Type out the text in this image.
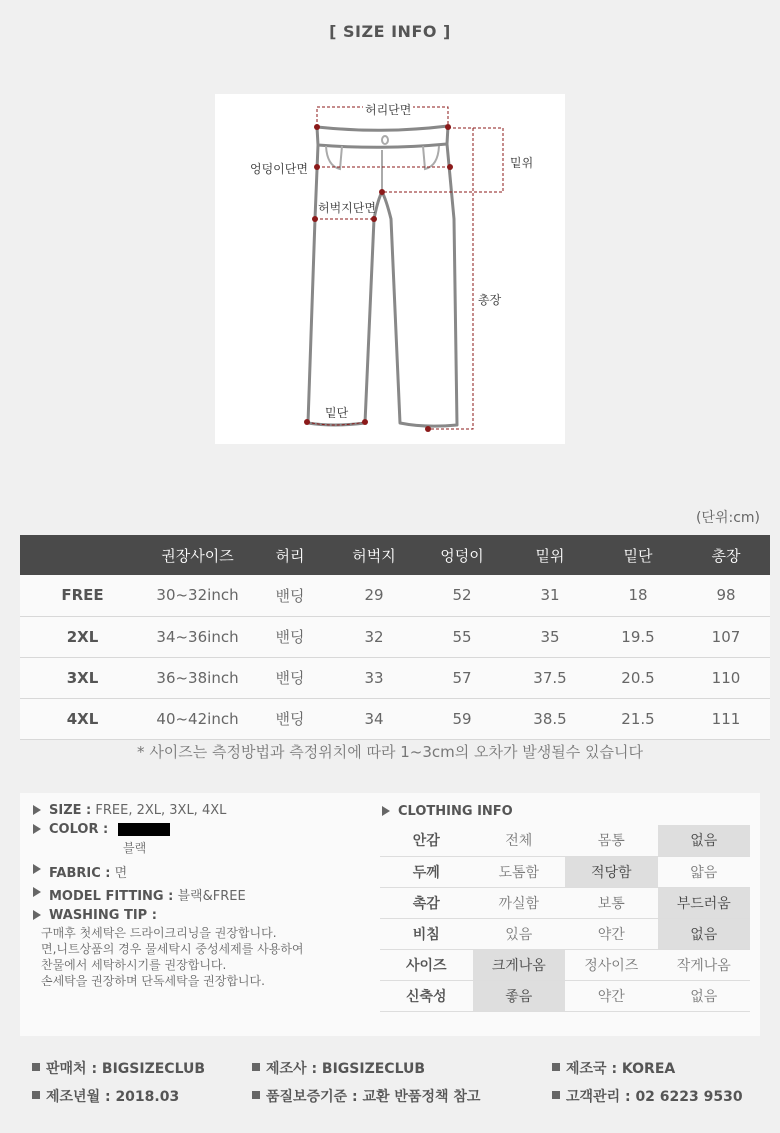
[ SIZE INFO ]
허리단면
엉덩이단면	밑위
허벅지단면
총장
밑단
(단위:cm)
	권장사이즈	허리	허벅지	엉덩이	밑위	밑단	총장
FREE	30~32inch	밴딩	29	52	31	18	98
2XL	34~36inch	밴딩	32	55	35	19.5	107
3XL	36~38inch	밴딩	33	57	37.5	20.5	110
4XL	40~42inch	밴딩	34	59	38.5	21.5	111
* 사이즈는 측정방법과 측정위치에 따라 1~3cm의 오차가 발생될수 있습니다
SIZE : FREE, 2XL, 3XL, 4XL
COLOR :
블랙
FABRIC : 면
MODEL FITTING : 블랙&FREE
WASHING TIP :
구매후 첫세탁은 드라이크리닝을 권장합니다.
면,니트상품의 경우 물세탁시 중성세제를 사용하여
찬물에서 세탁하시기를 권장합니다.
손세탁을 권장하며 단독세탁을 권장합니다.
CLOTHING INFO
안감	전체	몸통	없음
두께	도톰함	적당함	얇음
촉감	까실함	보통	부드러움
비침	있음	약간	없음
사이즈	크게나옴	정사이즈	작게나옴
신축성	좋음	약간	없음
판매처 : BIGSIZECLUB	제조사 : BIGSIZECLUB	제조국 : KOREA
제조년월 : 2018.03	품질보증기준 : 교환 반품정책 참고	고객관리 : 02 6223 9530
